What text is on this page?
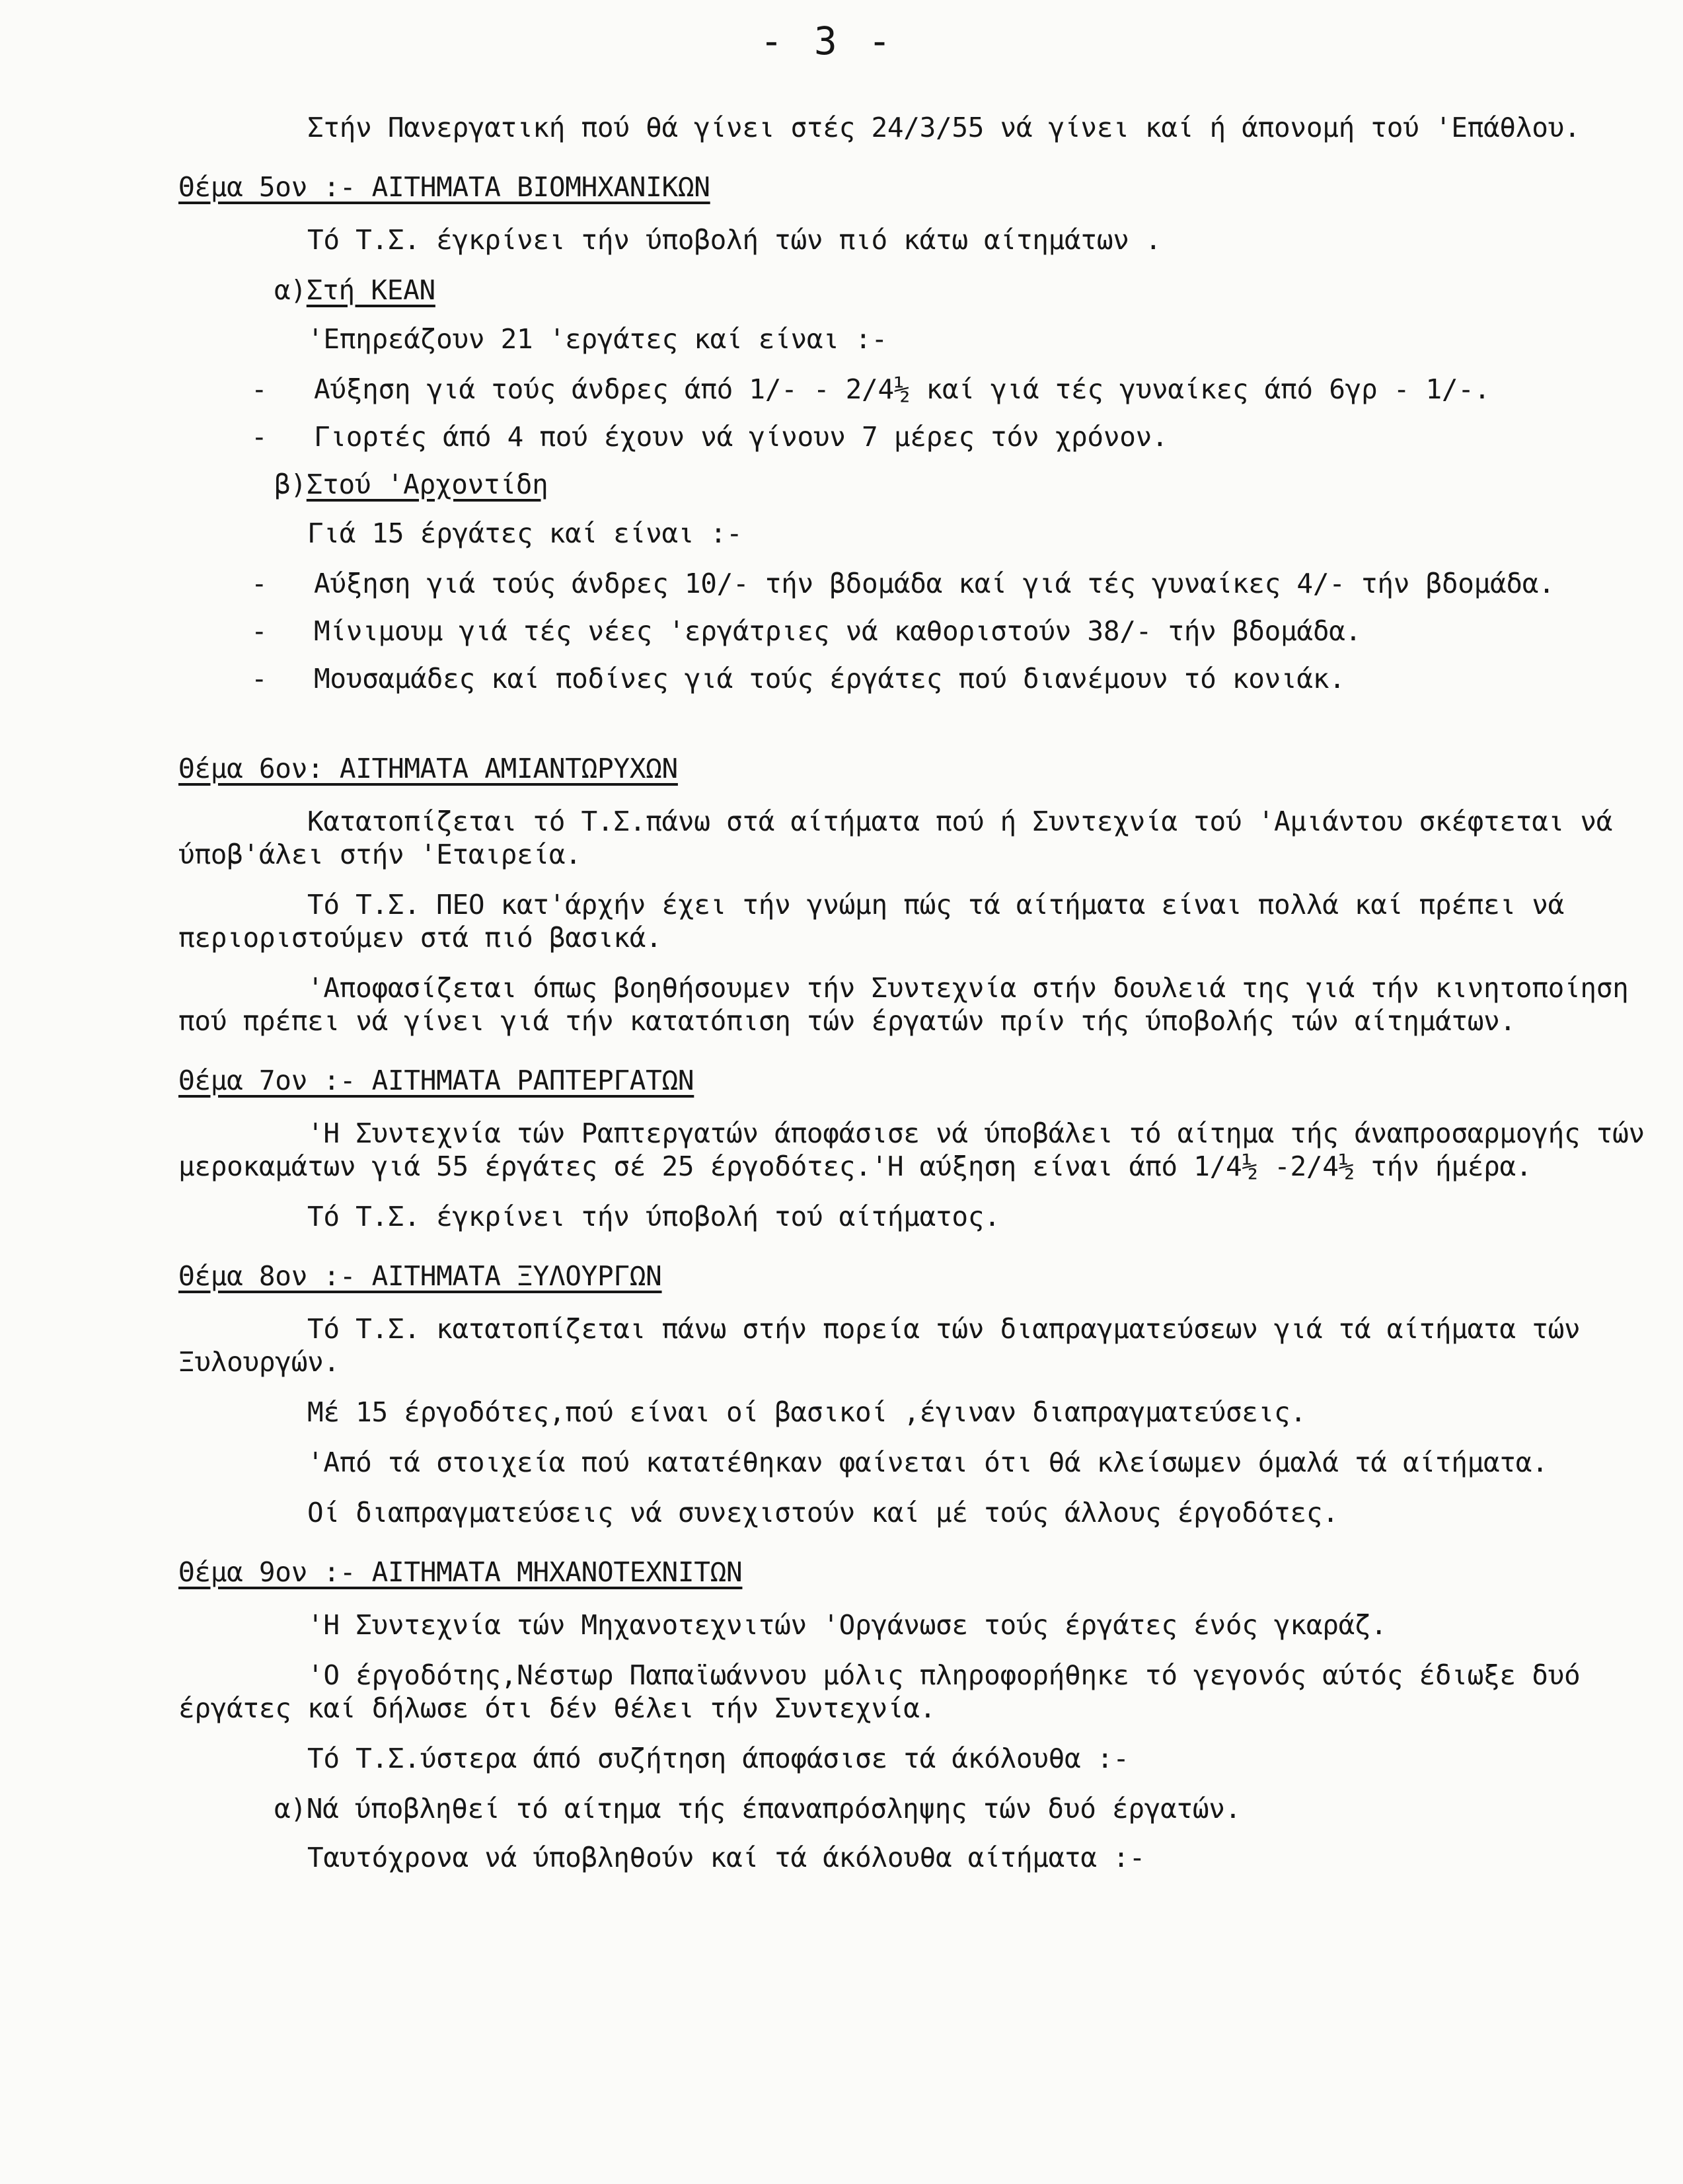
- 3 -

Στήν Πανεργατική πού θά γίνει στές 24/3/55 νά γίνει καί ή άπονομή τού 'Επάθλου.

Θέμα 5ον :- ΑΙΤΗΜΑΤΑ ΒΙΟΜΗΧΑΝΙΚΩΝ

Τό Τ.Σ. έγκρίνει τήν ύποβολή τών πιό κάτω αίτημάτων .

α)Στή ΚΕΑΝ

'Επηρεάζουν 21 'εργάτες καί είναι :-

- Αύξηση γιά τούς άνδρες άπό 1/- - 2/4½ καί γιά τές γυναίκες άπό 6γρ - 1/-.
- Γιορτές άπό 4 πού έχουν νά γίνουν 7 μέρες τόν χρόνον.
β)Στού 'Αρχοντίδη

Γιά 15 έργάτες καί είναι :-

- Αύξηση γιά τούς άνδρες 10/- τήν βδομάδα καί γιά τές γυναίκες 4/- τήν βδομάδα.
- Μίνιμουμ γιά τές νέες 'εργάτριες νά καθοριστούν 38/- τήν βδομάδα.
- Μουσαμάδες καί ποδίνες γιά τούς έργάτες πού διανέμουν τό κονιάκ.
Θέμα 6ον: ΑΙΤΗΜΑΤΑ ΑΜΙΑΝΤΩΡΥΧΩΝ

Κατατοπίζεται τό Τ.Σ.πάνω στά αίτήματα πού ή Συντεχνία τού 'Αμιάντου σκέφτεται νά ύποβ'άλει στήν 'Εταιρεία.

Τό Τ.Σ. ΠΕΟ κατ'άρχήν έχει τήν γνώμη πώς τά αίτήματα είναι πολλά καί πρέπει νά περιοριστούμεν στά πιό βασικά.

'Αποφασίζεται όπως βοηθήσουμεν τήν Συντεχνία στήν δουλειά της γιά τήν κινητοποίηση πού πρέπει νά γίνει γιά τήν κατατόπιση τών έργατών πρίν τής ύποβολής τών αίτημάτων.

Θέμα 7ον :- ΑΙΤΗΜΑΤΑ ΡΑΠΤΕΡΓΑΤΩΝ

'Η Συντεχνία τών Ραπτεργατών άποφάσισε νά ύποβάλει τό αίτημα τής άναπροσαρμογής τών μεροκαμάτων γιά 55 έργάτες σέ 25 έργοδότες.'Η αύξηση είναι άπό 1/4½ -2/4½ τήν ήμέρα.

Τό Τ.Σ. έγκρίνει τήν ύποβολή τού αίτήματος.

Θέμα 8ον :- ΑΙΤΗΜΑΤΑ ΞΥΛΟΥΡΓΩΝ

Τό Τ.Σ. κατατοπίζεται πάνω στήν πορεία τών διαπραγματεύσεων γιά τά αίτήματα τών Ξυλουργών.

Μέ 15 έργοδότες,πού είναι οί βασικοί ,έγιναν διαπραγματεύσεις.

'Από τά στοιχεία πού κατατέθηκαν φαίνεται ότι θά κλείσωμεν όμαλά τά αίτήματα.

Οί διαπραγματεύσεις νά συνεχιστούν καί μέ τούς άλλους έργοδότες.

Θέμα 9ον :- ΑΙΤΗΜΑΤΑ ΜΗΧΑΝΟΤΕΧΝΙΤΩΝ

'Η Συντεχνία τών Μηχανοτεχνιτών 'Οργάνωσε τούς έργάτες ένός γκαράζ.

'Ο έργοδότης,Νέστωρ Παπαϊωάννου μόλις πληροφορήθηκε τό γεγονός αύτός έδιωξε δυό έργάτες καί δήλωσε ότι δέν θέλει τήν Συντεχνία.

Τό Τ.Σ.ύστερα άπό συζήτηση άποφάσισε τά άκόλουθα :-

α)Νά ύποβληθεί τό αίτημα τής έπαναπρόσληψης τών δυό έργατών.

Ταυτόχρονα νά ύποβληθούν καί τά άκόλουθα αίτήματα :-
